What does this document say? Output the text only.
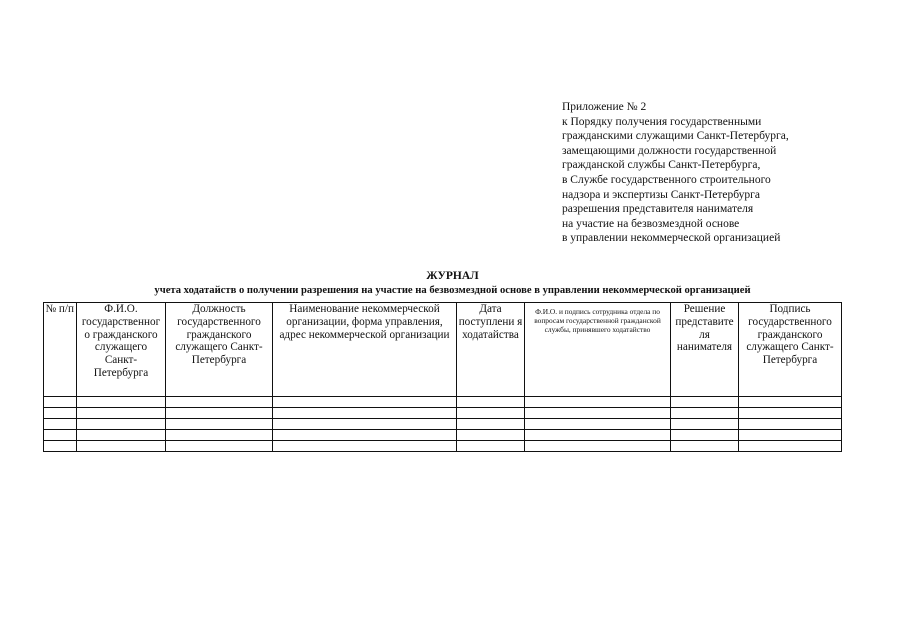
Приложение № 2
к Порядку получения государственными
гражданскими служащими Санкт-Петербурга,
замещающими должности государственной
гражданской службы Санкт-Петербурга,
в Службе государственного строительного
надзора и экспертизы Санкт-Петербурга
разрешения представителя нанимателя
на участие на безвозмездной основе
в управлении некоммерческой организацией
ЖУРНАЛ
учета ходатайств о получении разрешения на участие на безвозмездной основе в управлении некоммерческой организацией
№ п/п	Ф.И.О. государственног о гражданского служащего Санкт-Петербурга	Должность государственного гражданского служащего Санкт-Петербурга	Наименование некоммерческой организации, форма управления, адрес некоммерческой организации	Дата поступлени я ходатайства	Ф.И.О. и подпись сотрудника отдела по вопросам государственной гражданской службы, принявшего ходатайство	Решение представите ля нанимателя	Подпись государственного гражданского служащего Санкт-Петербурга
